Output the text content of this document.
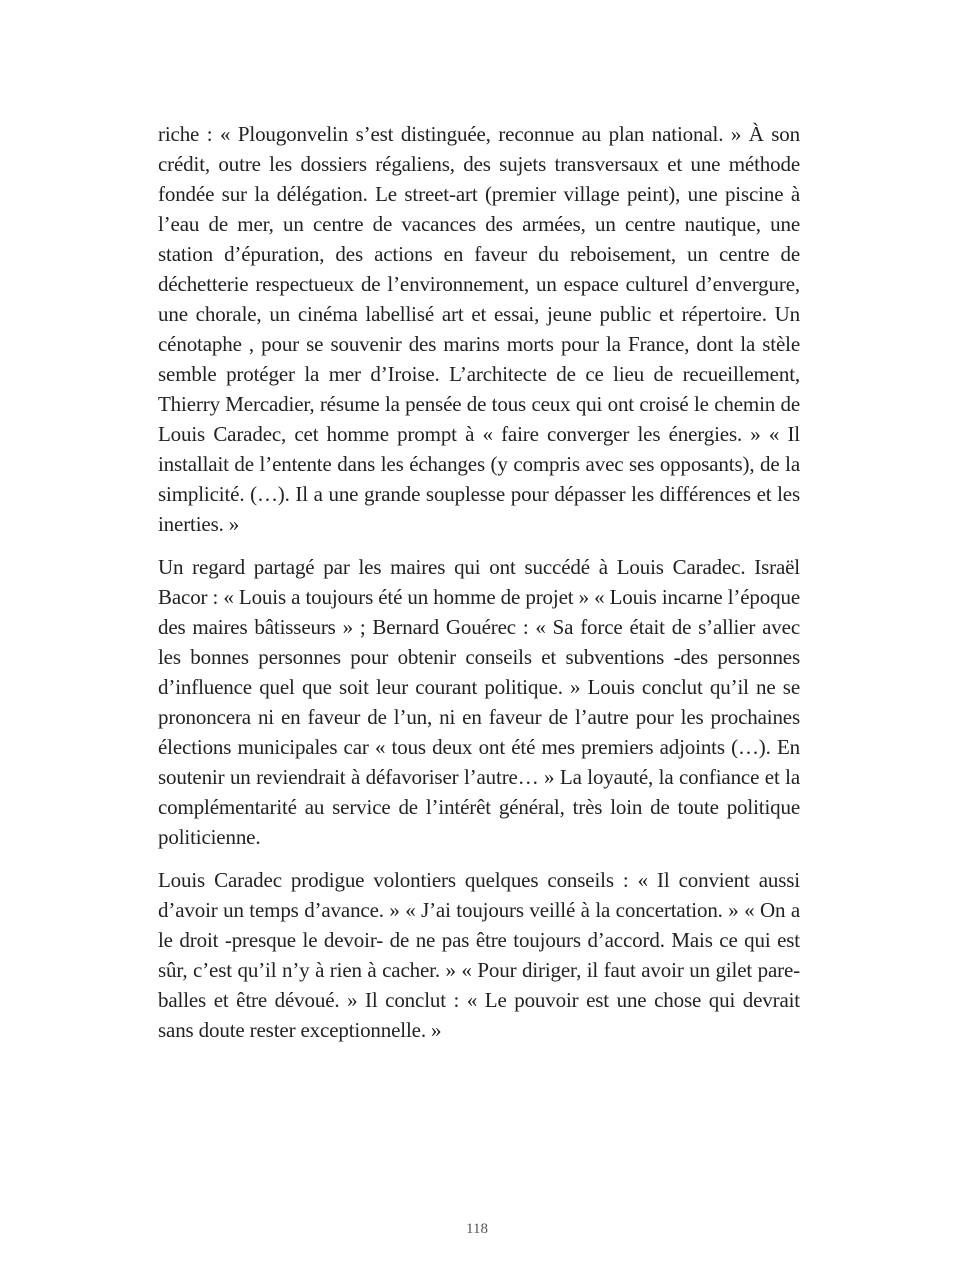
riche : « Plougonvelin s’est distinguée, reconnue au plan national. » À son crédit, outre les dossiers régaliens, des sujets transversaux et une méthode fondée sur la délégation. Le street-art (premier village peint), une piscine à l’eau de mer, un centre de vacances des armées, un centre nautique, une station d’épuration, des actions en faveur du reboisement, un centre de déchetterie respectueux de l’environnement, un espace culturel d’envergure, une chorale, un cinéma labellisé art et essai, jeune public et répertoire. Un cénotaphe , pour se souvenir des marins morts pour la France, dont la stèle semble protéger la mer d’Iroise. L’architecte de ce lieu de recueillement, Thierry Mercadier, résume la pensée de tous ceux qui ont croisé le chemin de Louis Caradec, cet homme prompt à « faire converger les énergies. » « Il installait de l’entente dans les échanges (y compris avec ses opposants), de la simplicité. (…). Il a une grande souplesse pour dépasser les différences et les inerties. »

Un regard partagé par les maires qui ont succédé à Louis Caradec. Israël Bacor : « Louis a toujours été un homme de projet » « Louis incarne l’époque des maires bâtisseurs » ; Bernard Gouérec : « Sa force était de s’allier avec les bonnes personnes pour obtenir conseils et subventions -des personnes d’influence quel que soit leur courant politique. » Louis conclut qu’il ne se prononcera ni en faveur de l’un, ni en faveur de l’autre pour les prochaines élections municipales car « tous deux ont été mes premiers adjoints (…). En soutenir un reviendrait à défavoriser l’autre… » La loyauté, la confiance et la complémentarité au service de l’intérêt général, très loin de toute politique politicienne.

Louis Caradec prodigue volontiers quelques conseils : « Il convient aussi d’avoir un temps d’avance. » « J’ai toujours veillé à la concertation. » « On a le droit -presque le devoir- de ne pas être toujours d’accord. Mais ce qui est sûr, c’est qu’il n’y à rien à cacher. » « Pour diriger, il faut avoir un gilet pare-balles et être dévoué. » Il conclut : « Le pouvoir est une chose qui devrait sans doute rester exceptionnelle. »

118
